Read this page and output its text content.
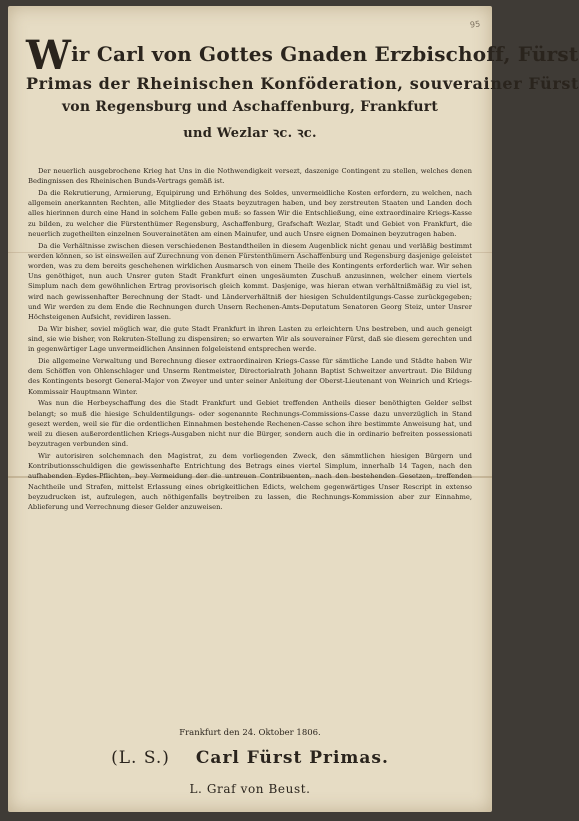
95
Wir Carl von Gottes Gnaden Erzbischoff, Fürst
Primas der Rheinischen Konföderation, souverainer Fürst
von Regensburg und Aschaffenburg, Frankfurt
und Wezlar ꝛc. ꝛc.

Der neuerlich ausgebrochene Krieg hat Uns in die Nothwendigkeit versezt, daszenige Contingent zu stellen, welches denen Bedingnissen des Rheinischen Bunds-Vertrags gemäß ist.

Da die Rekrutierung, Armierung, Equipirung und Erhöhung des Soldes, unvermeidliche Kosten erfordern, zu welchen, nach allgemein anerkannten Rechten, alle Mitglieder des Staats beyzutragen haben, und bey zerstreuten Staaten und Landen doch alles hierinnen durch eine Hand in solchem Falle geben muß: so fassen Wir die Entschließung, eine extraordinaire Kriegs-Kasse zu bilden, zu welcher die Fürstenthümer Regensburg, Aschaffenburg, Grafschaft Wezlar, Stadt und Gebiet von Frankfurt, die neuerlich zugetheilten einzelnen Souverainetäten am einen Mainufer, und auch Unsre eignen Domainen beyzutragen haben.

Da die Verhältnisse zwischen diesen verschiedenen Bestandtheilen in diesem Augenblick nicht genau und verläßig bestimmt werden können, so ist einsweilen auf Zurechnung von denen Fürstenthümern Aschaffenburg und Regensburg dasjenige geleistet worden, was zu dem bereits geschehenen wirklichen Ausmarsch von einem Theile des Kontingents erforderlich war. Wir sehen Uns genöthiget, nun auch Unsrer guten Stadt Frankfurt einen ungesäumten Zuschuß anzusinnen, welcher einem viertels Simplum nach dem gewöhnlichen Ertrag provisorisch gleich kommt. Dasjenige, was hieran etwan verhältnißmäßig zu viel ist, wird nach gewissenhafter Berechnung der Stadt- und Länderverhältniß der hiesigen Schuldentilgungs-Casse zurückgegeben; und Wir werden zu dem Ende die Rechnungen durch Unsern Rechenen-Amts-Deputatum Senatoren Georg Steiz, unter Unsrer Höchsteigenen Aufsicht, revidiren lassen.

Da Wir bisher, soviel möglich war, die gute Stadt Frankfurt in ihren Lasten zu erleichtern Uns bestreben, und auch geneigt sind, sie wie bisher, von Rekruten-Stellung zu dispensiren; so erwarten Wir als souverainer Fürst, daß sie diesem gerechten und in gegenwärtiger Lage unvermeidlichen Ansinnen folgeleistend entsprechen werde.

Die allgemeine Verwaltung und Berechnung dieser extraordinairen Kriegs-Casse für sämtliche Lande und Städte haben Wir dem Schöffen von Ohlenschlager und Unserm Rentmeister, Directorialrath Johann Baptist Schweitzer anvertraut. Die Bildung des Kontingents besorgt General-Major von Zweyer und unter seiner Anleitung der Oberst-Lieutenant von Weinrich und Kriegs-Kommissair Hauptmann Winter.

Was nun die Herbeyschaffung des die Stadt Frankfurt und Gebiet treffenden Antheils dieser benöthigten Gelder selbst belangt; so muß die hiesige Schuldentilgungs- oder sogenannte Rechnungs-Commissions-Casse dazu unverzüglich in Stand gesezt werden, weil sie für die ordentlichen Einnahmen bestehende Rechenen-Casse schon ihre bestimmte Anweisung hat, und weil zu diesen außerordentlichen Kriegs-Ausgaben nicht nur die Bürger, sondern auch die in ordinario befreiten possessionati beyzutragen verbunden sind.

Wir autorisiren solchemnach den Magistrat, zu dem vorliegenden Zweck, den sämmtlichen hiesigen Bürgern und Kontributionsschuldigen die gewissenhafte Entrichtung des Betrags eines viertel Simplum, innerhalb 14 Tagen, nach den aufhabenden Eydes-Pflichten, bey Vermeidung der die untreuen Contribuenten, nach den bestehenden Gesetzen, treffenden Nachtheile und Strafen, mittelst Erlassung eines obrigkeitlichen Edicts, welchem gegenwärtiges Unser Rescript in extenso beyzudrucken ist, aufzulegen, auch nöthigenfalls beytreiben zu lassen, die Rechnungs-Kommission aber zur Einnahme, Ablieferung und Verrechnung dieser Gelder anzuweisen.

Frankfurt den 24. Oktober 1806.
(L. S.) Carl Fürst Primas.
L. Graf von Beust.
